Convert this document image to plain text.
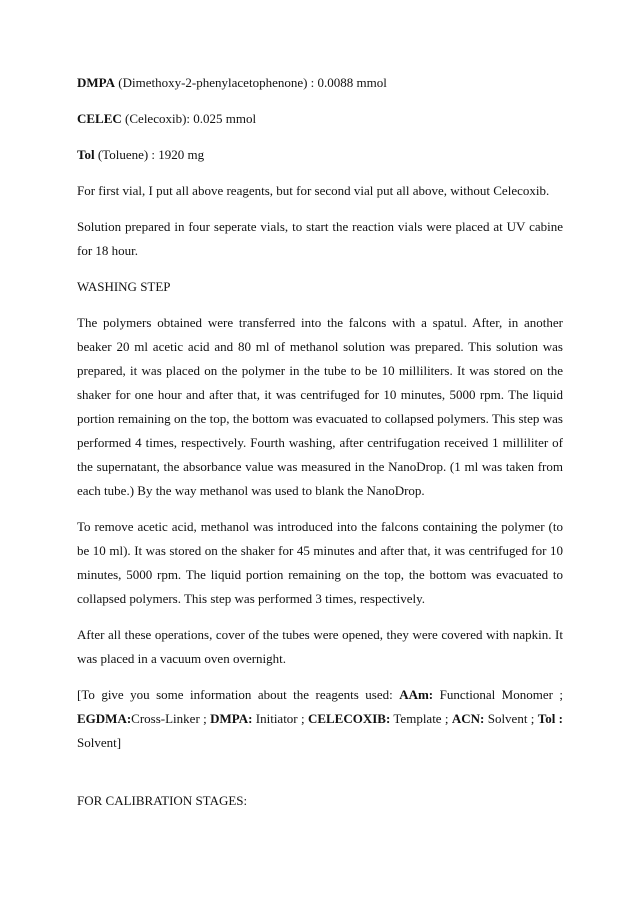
DMPA (Dimethoxy-2-phenylacetophenone) : 0.0088 mmol

CELEC (Celecoxib): 0.025 mmol

Tol (Toluene) : 1920 mg

For first vial, I put all above reagents, but for second vial put all above, without Celecoxib.

Solution prepared in four seperate vials, to start the reaction vials were placed at UV cabine for 18 hour.

WASHING STEP

The polymers obtained were transferred into the falcons with a spatul. After, in another beaker 20 ml acetic acid and 80 ml of methanol solution was prepared. This solution was prepared, it was placed on the polymer in the tube to be 10 milliliters. It was stored on the shaker for one hour and after that, it was centrifuged for 10 minutes, 5000 rpm. The liquid portion remaining on the top, the bottom was evacuated to collapsed polymers. This step was performed 4 times, respectively. Fourth washing, after centrifugation received 1 milliliter of the supernatant, the absorbance value was measured in the NanoDrop. (1 ml was taken from each tube.) By the way methanol was used to blank the NanoDrop.

To remove acetic acid, methanol was introduced into the falcons containing the polymer (to be 10 ml). It was stored on the shaker for 45 minutes and after that, it was centrifuged for 10 minutes, 5000 rpm. The liquid portion remaining on the top, the bottom was evacuated to collapsed polymers. This step was performed 3 times, respectively.

After all these operations, cover of the tubes were opened, they were covered with napkin. It was placed in a vacuum oven overnight.

[To give you some information about the reagents used: AAm: Functional Monomer ; EGDMA:Cross-Linker ; DMPA: Initiator ; CELECOXIB: Template ; ACN: Solvent ; Tol : Solvent]

FOR CALIBRATION STAGES:
